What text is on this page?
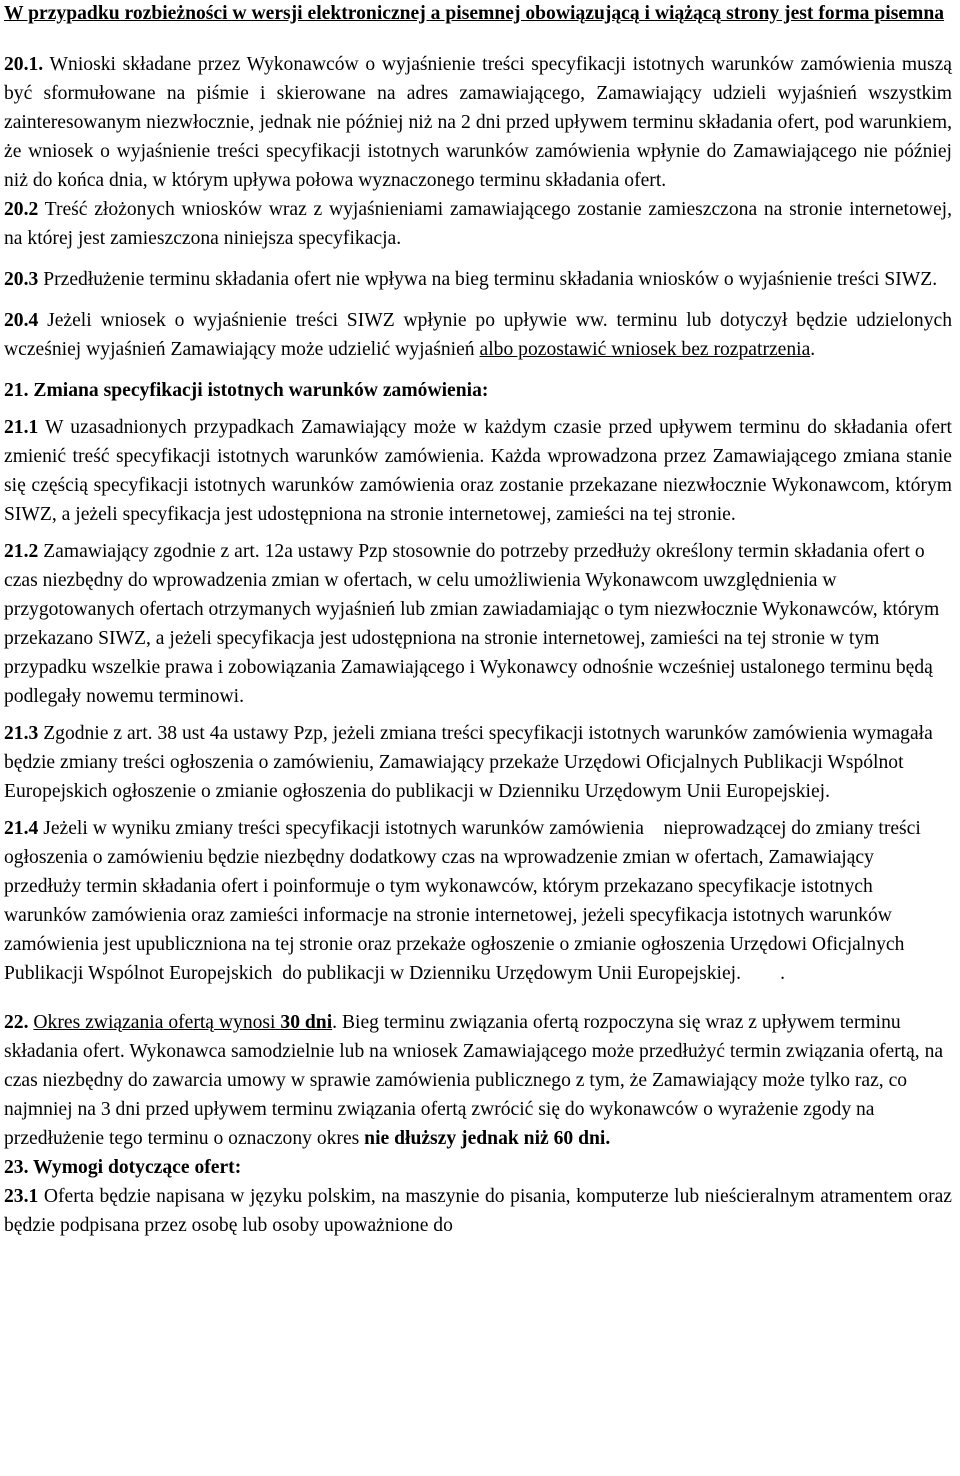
W przypadku rozbieżności w wersji elektronicznej a pisemnej obowiązującą i wiążącą strony jest forma pisemna

20.1. Wnioski składane przez Wykonawców o wyjaśnienie treści specyfikacji istotnych warunków zamówienia muszą być sformułowane na piśmie i skierowane na adres zamawiającego, Zamawiający udzieli wyjaśnień wszystkim zainteresowanym niezwłocznie, jednak nie później niż na 2 dni przed upływem terminu składania ofert, pod warunkiem, że wniosek o wyjaśnienie treści specyfikacji istotnych warunków zamówienia wpłynie do Zamawiającego nie później niż do końca dnia, w którym upływa połowa wyznaczonego terminu składania ofert.

20.2 Treść złożonych wniosków wraz z wyjaśnieniami zamawiającego zostanie zamieszczona na stronie internetowej, na której jest zamieszczona niniejsza specyfikacja.

20.3 Przedłużenie terminu składania ofert nie wpływa na bieg terminu składania wniosków o wyjaśnienie treści SIWZ.

20.4 Jeżeli wniosek o wyjaśnienie treści SIWZ wpłynie po upływie ww. terminu lub dotyczył będzie udzielonych wcześniej wyjaśnień Zamawiający może udzielić wyjaśnień albo pozostawić wniosek bez rozpatrzenia.

21. Zmiana specyfikacji istotnych warunków zamówienia:

21.1 W uzasadnionych przypadkach Zamawiający może w każdym czasie przed upływem terminu do składania ofert zmienić treść specyfikacji istotnych warunków zamówienia. Każda wprowadzona przez Zamawiającego zmiana stanie się częścią specyfikacji istotnych warunków zamówienia oraz zostanie przekazane niezwłocznie Wykonawcom, którym SIWZ, a jeżeli specyfikacja jest udostępniona na stronie internetowej, zamieści na tej stronie.

21.2 Zamawiający zgodnie z art. 12a ustawy Pzp stosownie do potrzeby przedłuży określony termin składania ofert o czas niezbędny do wprowadzenia zmian w ofertach, w celu umożliwienia Wykonawcom uwzględnienia w przygotowanych ofertach otrzymanych wyjaśnień lub zmian zawiadamiając o tym niezwłocznie Wykonawców, którym przekazano SIWZ, a jeżeli specyfikacja jest udostępniona na stronie internetowej, zamieści na tej stronie w tym przypadku wszelkie prawa i zobowiązania Zamawiającego i Wykonawcy odnośnie wcześniej ustalonego terminu będą podlegały nowemu terminowi.

21.3 Zgodnie z art. 38 ust 4a ustawy Pzp, jeżeli zmiana treści specyfikacji istotnych warunków zamówienia wymagała będzie zmiany treści ogłoszenia o zamówieniu, Zamawiający przekaże Urzędowi Oficjalnych Publikacji Wspólnot Europejskich ogłoszenie o zmianie ogłoszenia do publikacji w Dzienniku Urzędowym Unii Europejskiej.

21.4 Jeżeli w wyniku zmiany treści specyfikacji istotnych warunków zamówienia    nieprowadzącej do zmiany treści ogłoszenia o zamówieniu będzie niezbędny dodatkowy czas na wprowadzenie zmian w ofertach, Zamawiający przedłuży termin składania ofert i poinformuje o tym wykonawców, którym przekazano specyfikacje istotnych warunków zamówienia oraz zamieści informacje na stronie internetowej, jeżeli specyfikacja istotnych warunków zamówienia jest upubliczniona na tej stronie oraz przekaże ogłoszenie o zmianie ogłoszenia Urzędowi Oficjalnych Publikacji Wspólnot Europejskich  do publikacji w Dzienniku Urzędowym Unii Europejskiej.        .

22. Okres związania ofertą wynosi 30 dni. Bieg terminu związania ofertą rozpoczyna się wraz z upływem terminu składania ofert. Wykonawca samodzielnie lub na wniosek Zamawiającego może przedłużyć termin związania ofertą, na czas niezbędny do zawarcia umowy w sprawie zamówienia publicznego z tym, że Zamawiający może tylko raz, co najmniej na 3 dni przed upływem terminu związania ofertą zwrócić się do wykonawców o wyrażenie zgody na przedłużenie tego terminu o oznaczony okres nie dłuższy jednak niż 60 dni.

23. Wymogi dotyczące ofert:

23.1 Oferta będzie napisana w języku polskim, na maszynie do pisania, komputerze lub nieścieralnym atramentem oraz będzie podpisana przez osobę lub osoby upoważnione do
